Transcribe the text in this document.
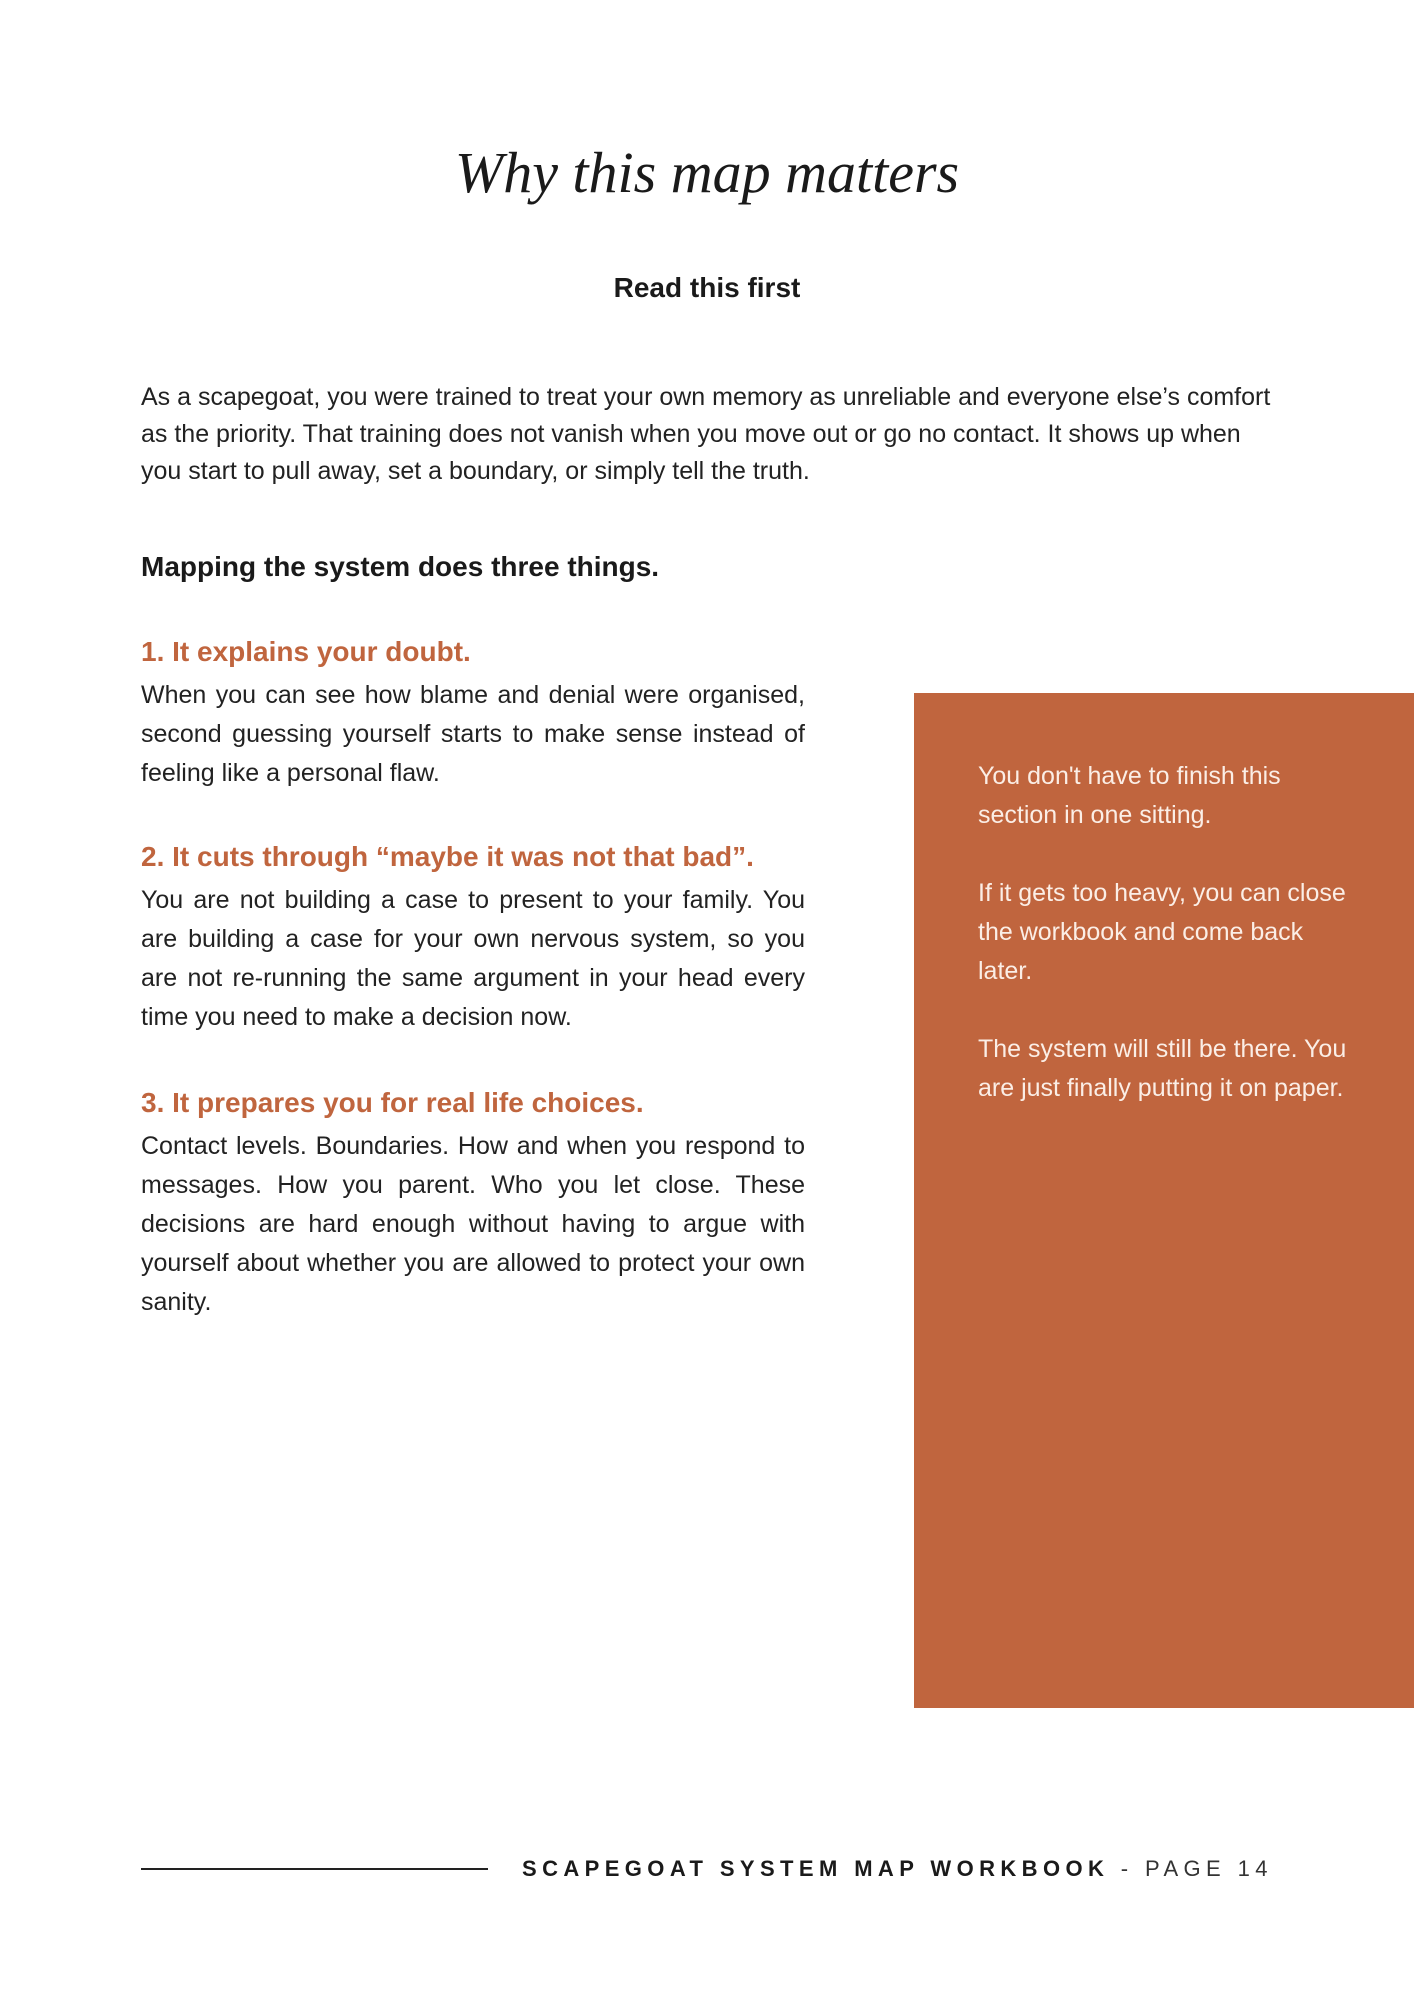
Why this map matters
Read this first

As a scapegoat, you were trained to treat your own memory as unreliable and everyone else’s comfort as the priority. That training does not vanish when you move out or go no contact. It shows up when you start to pull away, set a boundary, or simply tell the truth.

Mapping the system does three things.
1. It explains your doubt.

When you can see how blame and denial were organised, second guessing yourself starts to make sense instead of feeling like a personal flaw.

2. It cuts through “maybe it was not that bad”.

You are not building a case to present to your family. You are building a case for your own nervous system, so you are not re-running the same argument in your head every time you need to make a decision now.

3. It prepares you for real life choices.

Contact levels. Boundaries. How and when you respond to messages. How you parent. Who you let close. These decisions are hard enough without having to argue with yourself about whether you are allowed to protect your own sanity.

You don't have to finish this section in one sitting.

If it gets too heavy, you can close the workbook and come back later.

The system will still be there. You are just finally putting it on paper.

SCAPEGOAT SYSTEM MAP WORKBOOK - PAGE 14
